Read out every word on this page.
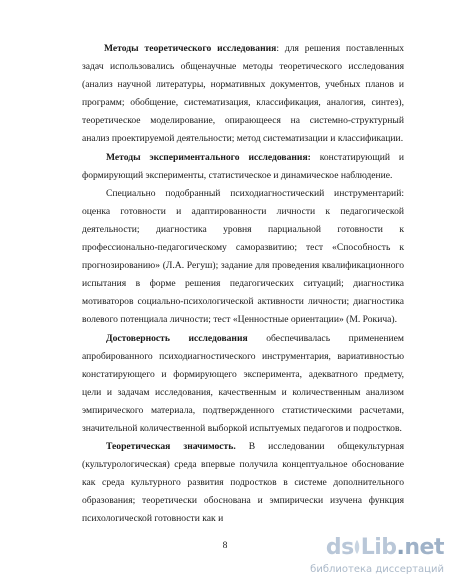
Методы теоретического исследования: для решения поставленных задач использовались общенаучные методы теоретического исследования (анализ научной литературы, нормативных документов, учебных планов и программ; обобщение, систематизация, классификация, аналогия, синтез), теоретическое моделирование, опирающееся на системно-структурный анализ проектируемой деятельности; метод систематизации и классификации.

Методы экспериментального исследования: констатирующий и формирующий эксперименты, статистическое и динамическое наблюдение.

Специально подобранный психодиагностический инструментарий: оценка готовности и адаптированности личности к педагогической деятельности; диагностика уровня парциальной готовности к профессионально-педагогическому саморазвитию; тест «Способность к прогнозированию» (Л.А. Регуш); задание для проведения квалификационного испытания в форме решения педагогических ситуаций; диагностика мотиваторов социально-психологической активности личности; диагностика волевого потенциала личности; тест «Ценностные ориентации» (М. Рокича).

Достоверность исследования обеспечивалась применением апробированного психодиагностического инструментария, вариативностью констатирующего и формирующего эксперимента, адекватного предмету, цели и задачам исследования, качественным и количественным анализом эмпирического материала, подтвержденного статистическими расчетами, значительной количественной выборкой испытуемых педагогов и подростков.

Теоретическая значимость. В исследовании общекультурная (культурологическая) среда впервые получила концептуальное обоснование как среда культурного развития подростков в системе дополнительного образования; теоретически обоснована и эмпирически изучена функция психологической готовности как и

8	ds Lib . net
библиотека диссертаций
